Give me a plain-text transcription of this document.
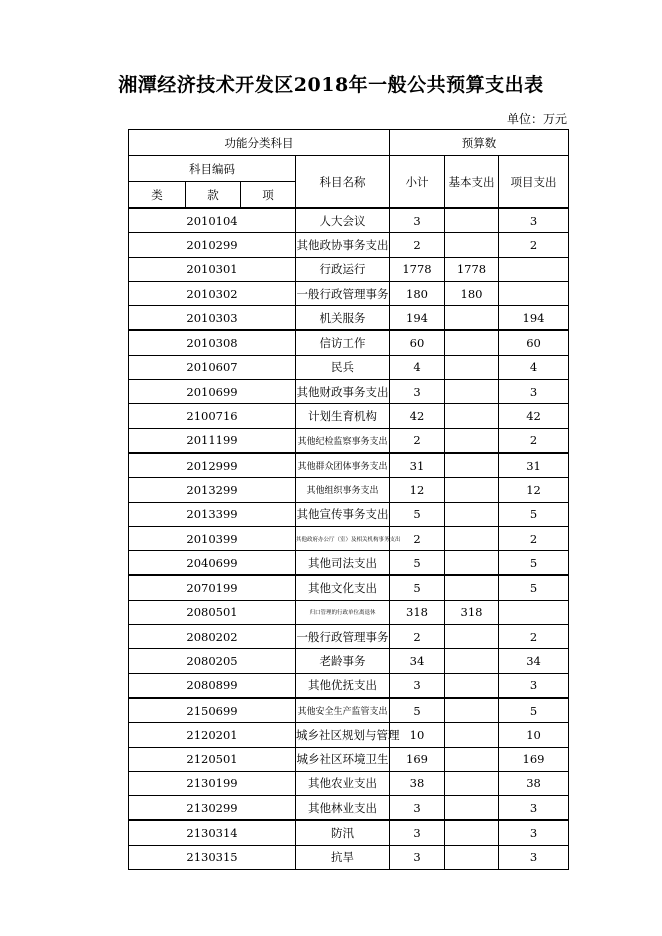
湘潭经济技术开发区2018年一般公共预算支出表
单位：万元
功能分类科目				预算数		
科目编码			科目名称	小计	基本支出	项目支出
类	款	项				
2010104			人大会议	3		3
2010299			其他政协事务支出	2		2
2010301			行政运行	1778	1778	
2010302			一般行政管理事务	180	180	
2010303			机关服务	194		194
2010308			信访工作	60		60
2010607			民兵	4		4
2010699			其他财政事务支出	3		3
2100716			计划生育机构	42		42
2011199			其他纪检监察事务支出	2		2
2012999			其他群众团体事务支出	31		31
2013299			其他组织事务支出	12		12
2013399			其他宣传事务支出	5		5
2010399			其他政府办公厅（室）及相关机构事务支出	2		2
2040699			其他司法支出	5		5
2070199			其他文化支出	5		5
2080501			归口管理的行政单位离退休	318	318	
2080202			一般行政管理事务	2		2
2080205			老龄事务	34		34
2080899			其他优抚支出	3		3
2150699			其他安全生产监管支出	5		5
2120201			城乡社区规划与管理	10		10
2120501			城乡社区环境卫生	169		169
2130199			其他农业支出	38		38
2130299			其他林业支出	3		3
2130314			防汛	3		3
2130315			抗旱	3		3
